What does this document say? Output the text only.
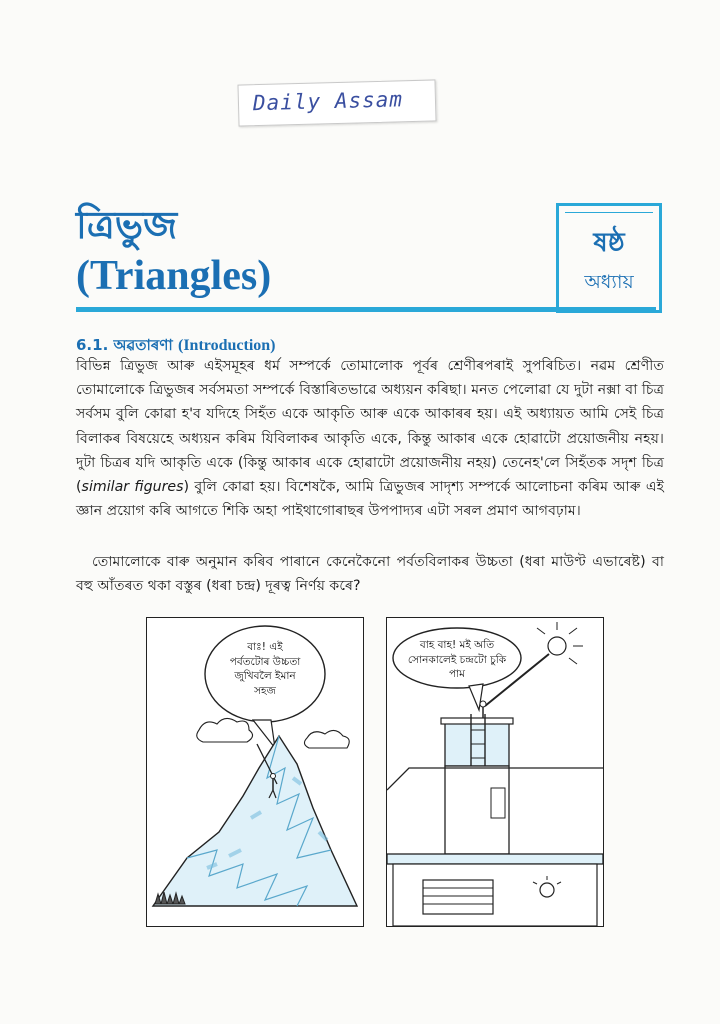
Daily Assam
ত্ৰিভুজ
(Triangles)
ষষ্ঠ
অধ্যায়
6.1. অৱতাৰণা (Introduction)
বিভিন্ন ত্ৰিভুজ আৰু এইসমূহৰ ধৰ্ম সম্পৰ্কে তোমালোক পূৰ্বৰ শ্ৰেণীৰপৰাই সুপৰিচিত। নৱম শ্ৰেণীত তোমালোকে ত্ৰিভুজৰ সৰ্বসমতা সম্পৰ্কে বিস্তাৰিতভাৱে অধ্যয়ন কৰিছা। মনত পেলোৱা যে দুটা নক্সা বা চিত্ৰ সৰ্বসম বুলি কোৱা হ'ব যদিহে সিহঁত একে আকৃতি আৰু একে আকাৰৰ হয়। এই অধ্যায়ত আমি সেই চিত্ৰ বিলাকৰ বিষয়েহে অধ্যয়ন কৰিম যিবিলাকৰ আকৃতি একে, কিন্তু আকাৰ একে হোৱাটো প্ৰয়োজনীয় নহয়। দুটা চিত্ৰৰ যদি আকৃতি একে (কিন্তু আকাৰ একে হোৱাটো প্ৰয়োজনীয় নহয়) তেনেহ'লে সিহঁতক সদৃশ চিত্ৰ (similar figures) বুলি কোৱা হয়। বিশেষকৈ, আমি ত্ৰিভুজৰ সাদৃশ্য সম্পৰ্কে আলোচনা কৰিম আৰু এই জ্ঞান প্ৰয়োগ কৰি আগতে শিকি অহা পাইথাগোৰাছৰ উপপাদ্যৰ এটা সৰল প্ৰমাণ আগবঢ়াম।
তোমালোকে বাৰু অনুমান কৰিব পাৰানে কেনেকৈনো পৰ্বতবিলাকৰ উচ্চতা (ধৰা মাউণ্ট এভাৰেষ্ট) বা বহু আঁতৰত থকা বস্তুৰ (ধৰা চন্দ্ৰ) দূৰত্ব নিৰ্ণয় কৰে?
বাঃ! এই
পৰ্বতটোৰ উচ্চতা
জুখিবলৈ ইমান
সহজ
বাহ বাহ! মই অতি
সোনকালেই চন্দ্ৰটো চুকি
পাম
